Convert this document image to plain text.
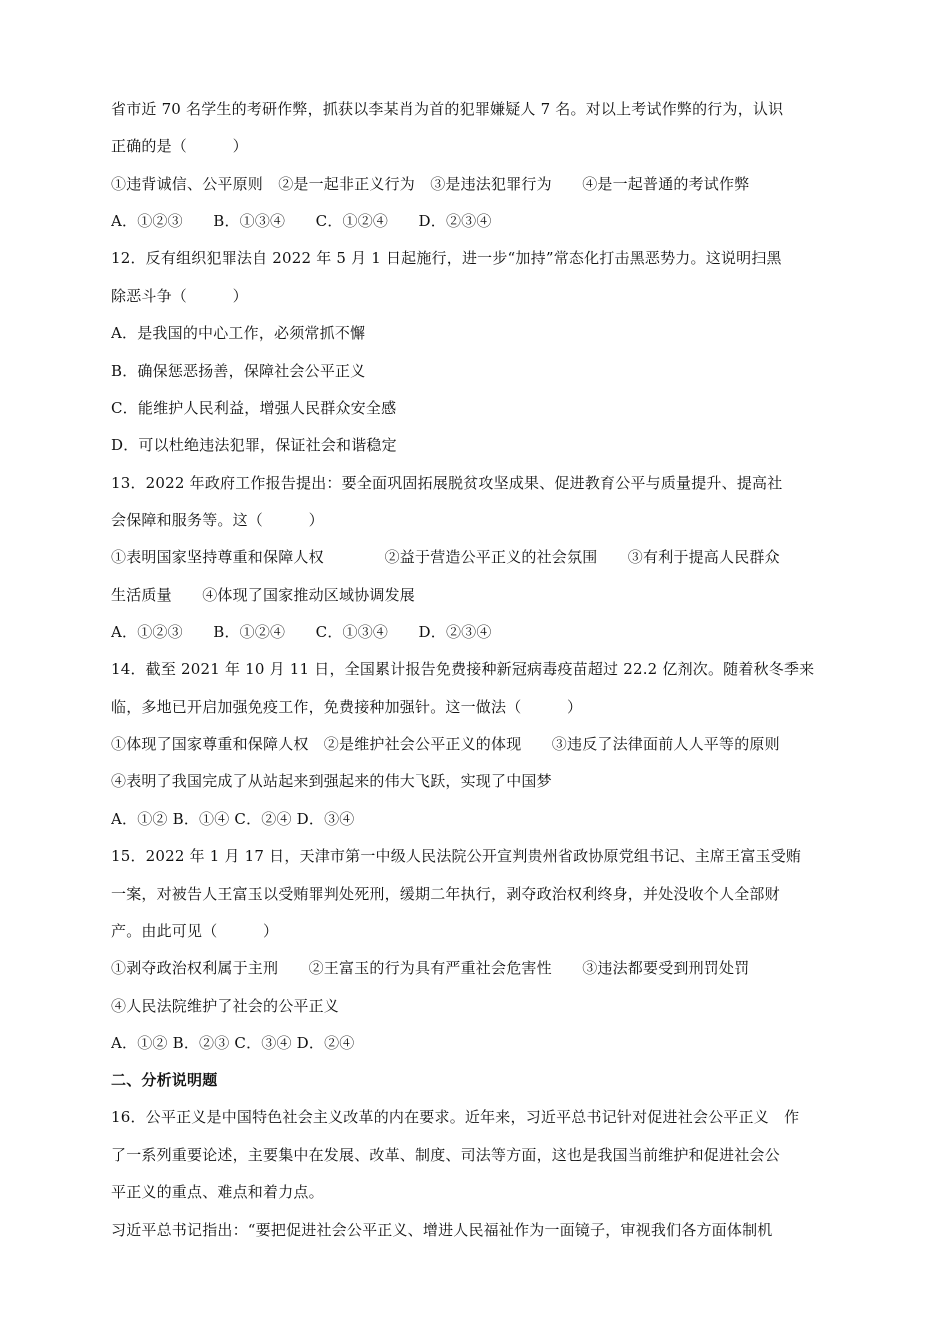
省市近 70 名学生的考研作弊，抓获以李某肖为首的犯罪嫌疑人 7 名。对以上考试作弊的行为，认识
正确的是（　　　）
①违背诚信、公平原则　②是一起非正义行为　③是违法犯罪行为　　④是一起普通的考试作弊
A．①②③　　B．①③④　　C．①②④　　D．②③④
12．反有组织犯罪法自 2022 年 5 月 1 日起施行，进一步“加持”常态化打击黑恶势力。这说明扫黑
除恶斗争（　　　）
A．是我国的中心工作，必须常抓不懈
B．确保惩恶扬善，保障社会公平正义
C．能维护人民利益，增强人民群众安全感
D．可以杜绝违法犯罪，保证社会和谐稳定
13．2022 年政府工作报告提出：要全面巩固拓展脱贫攻坚成果、促进教育公平与质量提升、提高社
会保障和服务等。这（　　　）
①表明国家坚持尊重和保障人权　　　　②益于营造公平正义的社会氛围　　③有利于提高人民群众
生活质量　　④体现了国家推动区域协调发展
A．①②③　　B．①②④　　C．①③④　　D．②③④
14．截至 2021 年 10 月 11 日，全国累计报告免费接种新冠病毒疫苗超过 22.2 亿剂次。随着秋冬季来
临，多地已开启加强免疫工作，免费接种加强针。这一做法（　　　）
①体现了国家尊重和保障人权　②是维护社会公平正义的体现　　③违反了法律面前人人平等的原则
④表明了我国完成了从站起来到强起来的伟大飞跃，实现了中国梦
A．①② B．①④ C．②④ D．③④
15．2022 年 1 月 17 日，天津市第一中级人民法院公开宣判贵州省政协原党组书记、主席王富玉受贿
一案，对被告人王富玉以受贿罪判处死刑，缓期二年执行，剥夺政治权利终身，并处没收个人全部财
产。由此可见（　　　）
①剥夺政治权利属于主刑　　②王富玉的行为具有严重社会危害性　　③违法都要受到刑罚处罚
④人民法院维护了社会的公平正义
A．①② B．②③ C．③④ D．②④
二、分析说明题
16．公平正义是中国特色社会主义改革的内在要求。近年来，习近平总书记针对促进社会公平正义　作
了一系列重要论述，主要集中在发展、改革、制度、司法等方面，这也是我国当前维护和促进社会公
平正义的重点、难点和着力点。
习近平总书记指出：“要把促进社会公平正义、增进人民福祉作为一面镜子，审视我们各方面体制机
